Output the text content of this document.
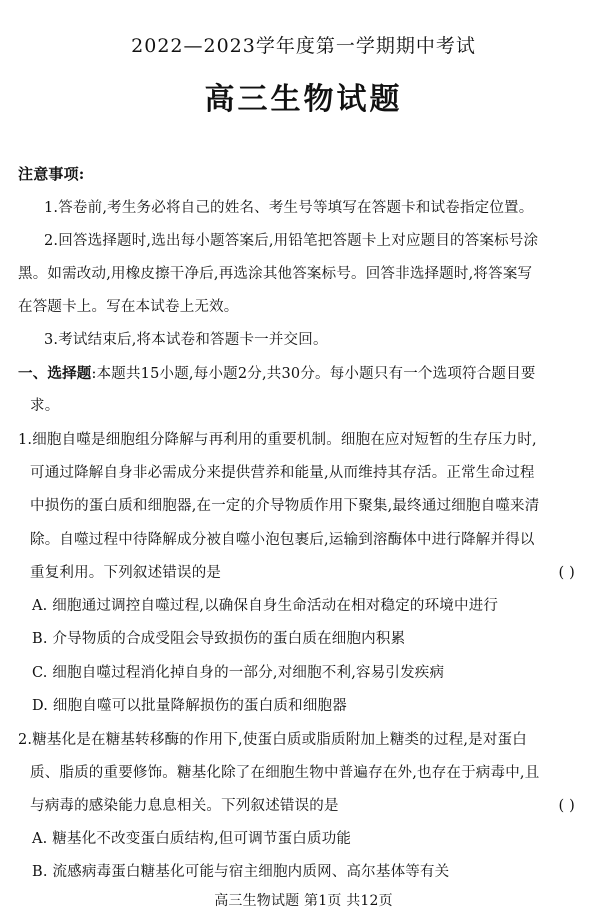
2022—2023学年度第一学期期中考试
高三生物试题
注意事项:
1.答卷前,考生务必将自己的姓名、考生号等填写在答题卡和试卷指定位置。
2.回答选择题时,选出每小题答案后,用铅笔把答题卡上对应题目的答案标号涂
黑。如需改动,用橡皮擦干净后,再选涂其他答案标号。回答非选择题时,将答案写
在答题卡上。写在本试卷上无效。
3.考试结束后,将本试卷和答题卡一并交回。
一、选择题:本题共15小题,每小题2分,共30分。每小题只有一个选项符合题目要
求。
1.细胞自噬是细胞组分降解与再利用的重要机制。细胞在应对短暂的生存压力时,
可通过降解自身非必需成分来提供营养和能量,从而维持其存活。正常生命过程
中损伤的蛋白质和细胞器,在一定的介导物质作用下聚集,最终通过细胞自噬来清
除。自噬过程中待降解成分被自噬小泡包裹后,运输到溶酶体中进行降解并得以
重复利用。下列叙述错误的是	( )
A. 细胞通过调控自噬过程,以确保自身生命活动在相对稳定的环境中进行
B. 介导物质的合成受阻会导致损伤的蛋白质在细胞内积累
C. 细胞自噬过程消化掉自身的一部分,对细胞不利,容易引发疾病
D. 细胞自噬可以批量降解损伤的蛋白质和细胞器
2.糖基化是在糖基转移酶的作用下,使蛋白质或脂质附加上糖类的过程,是对蛋白
质、脂质的重要修饰。糖基化除了在细胞生物中普遍存在外,也存在于病毒中,且
与病毒的感染能力息息相关。下列叙述错误的是	( )
A. 糖基化不改变蛋白质结构,但可调节蛋白质功能
B. 流感病毒蛋白糖基化可能与宿主细胞内质网、高尔基体等有关
高三生物试题 第1页 共12页
